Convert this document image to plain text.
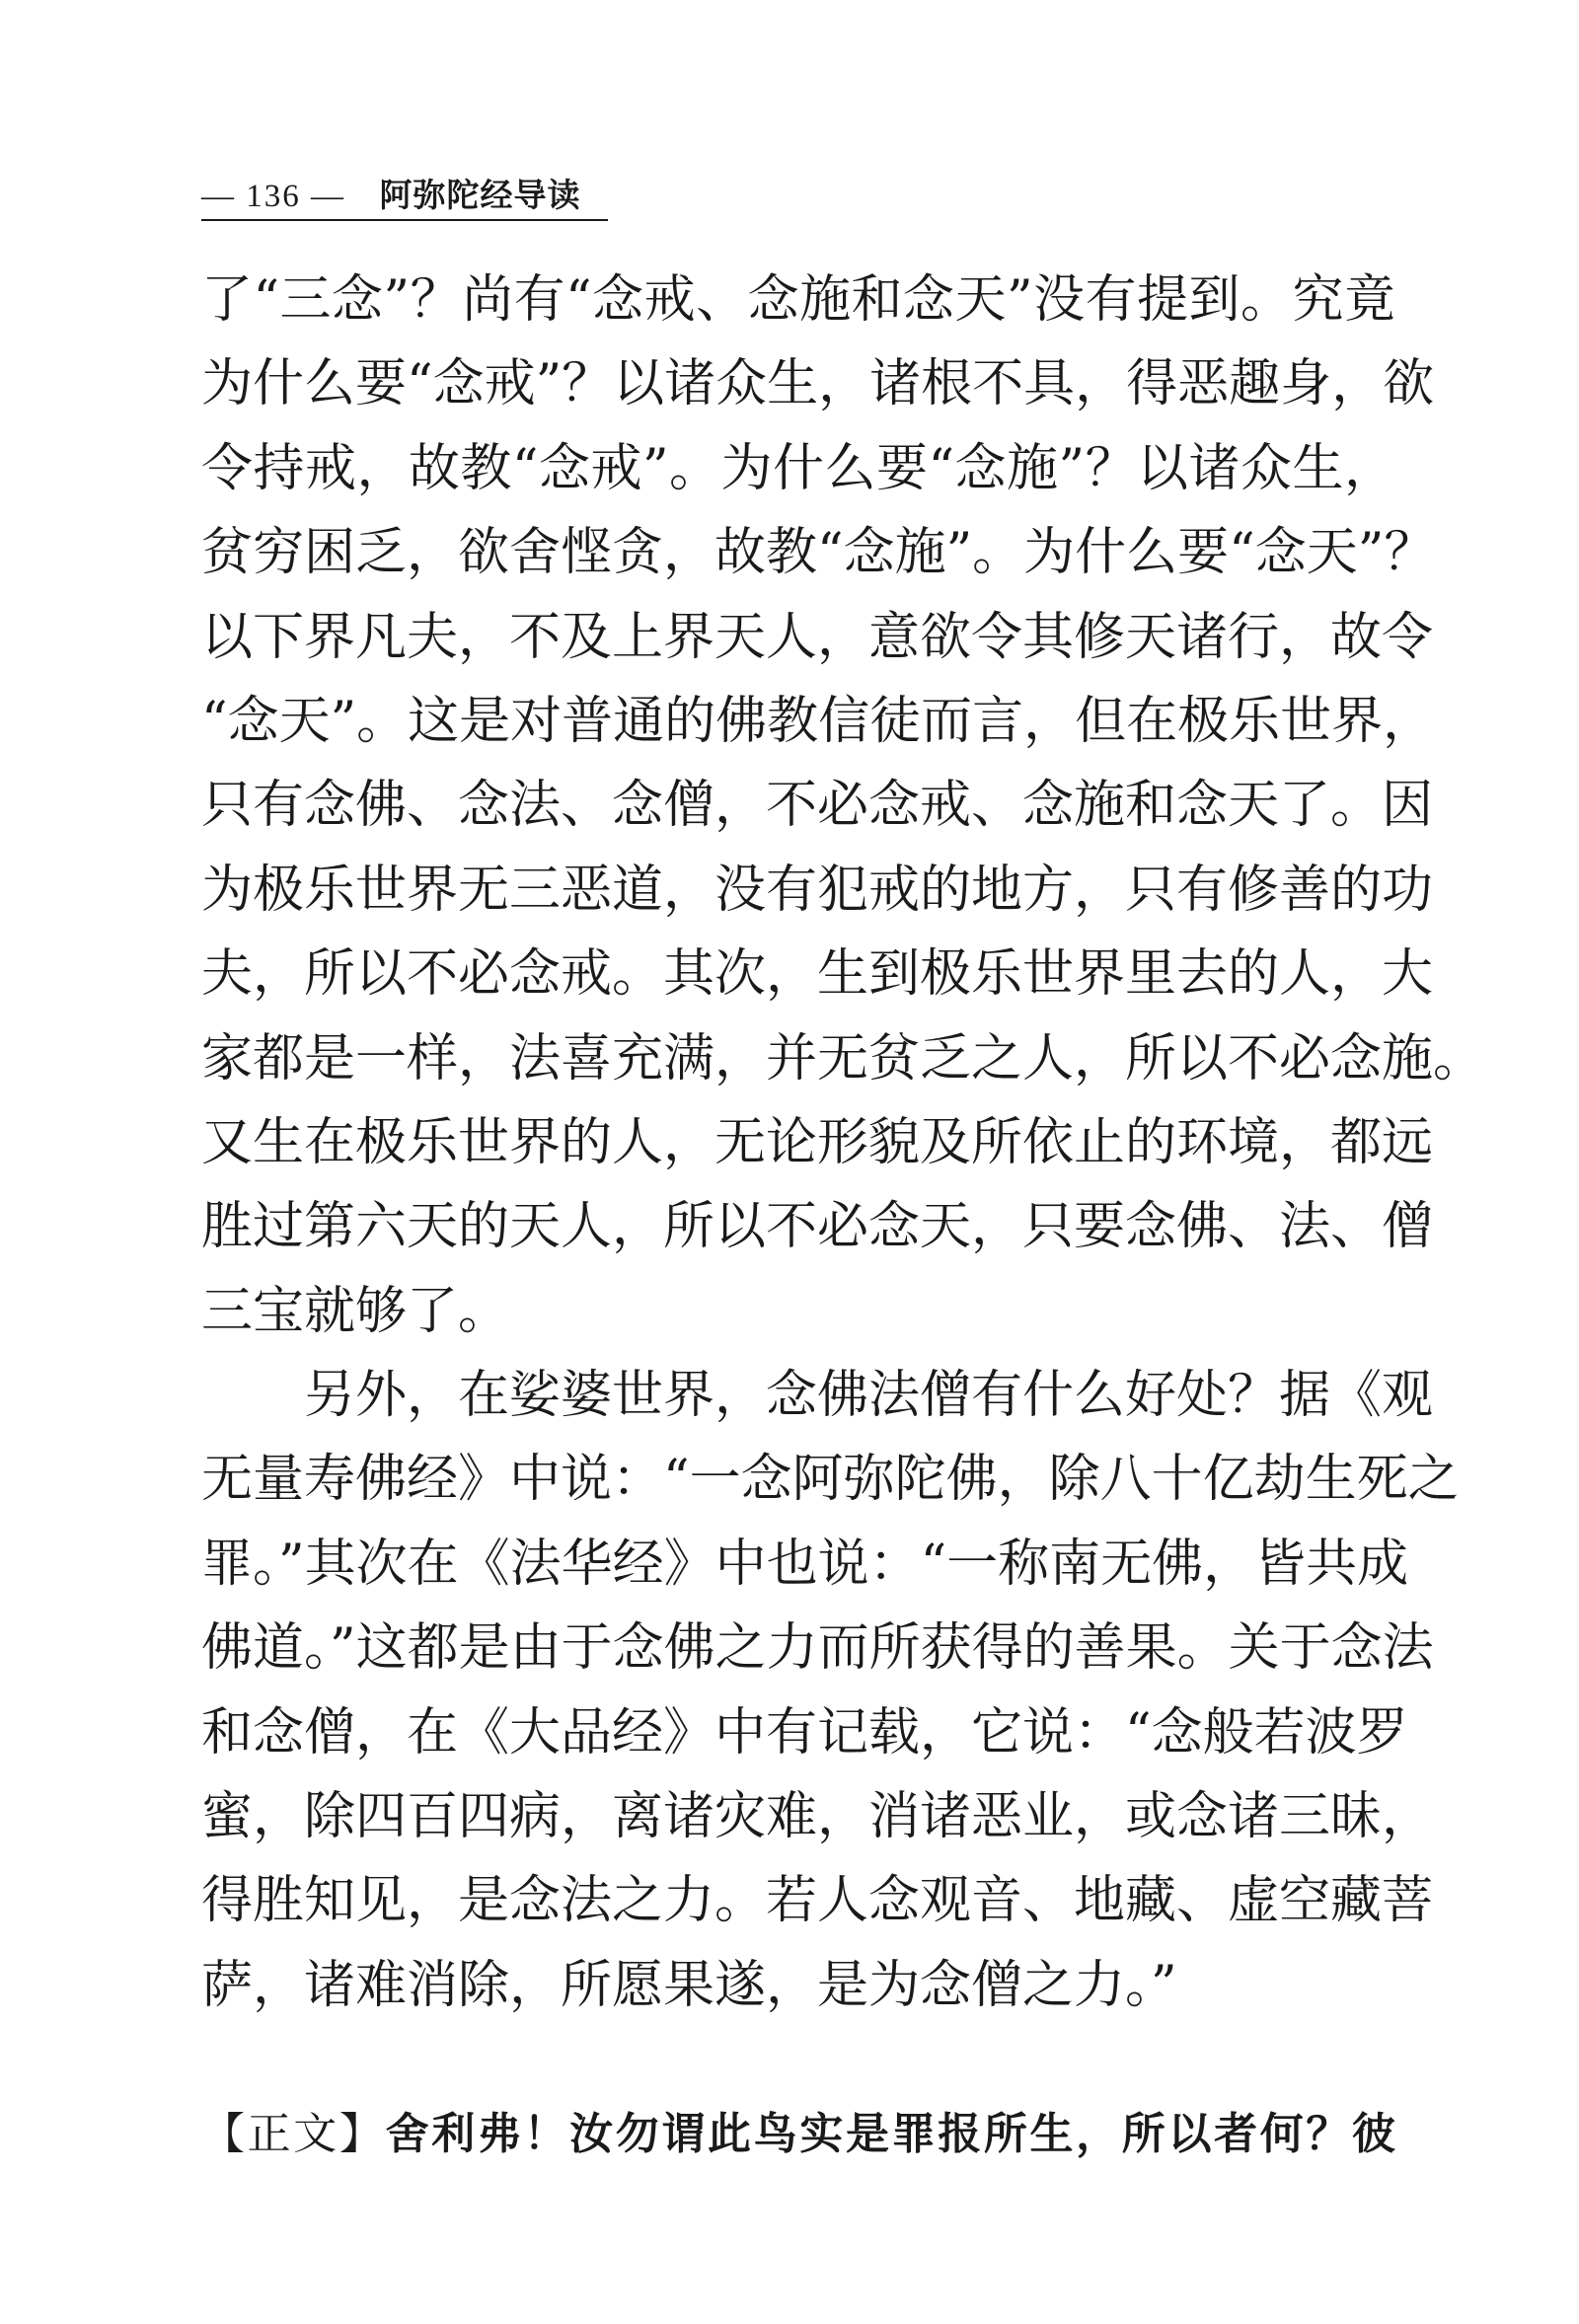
— 136 — 阿弥陀经导读
了“三念”？尚有“念戒、念施和念天”没有提到。究竟
为什么要“念戒”？以诸众生，诸根不具，得恶趣身，欲
令持戒，故教“念戒”。为什么要“念施”？以诸众生，
贫穷困乏，欲舍悭贪，故教“念施”。为什么要“念天”？
以下界凡夫，不及上界天人，意欲令其修天诸行，故令
“念天”。这是对普通的佛教信徒而言，但在极乐世界，
只有念佛、念法、念僧，不必念戒、念施和念天了。因
为极乐世界无三恶道，没有犯戒的地方，只有修善的功
夫，所以不必念戒。其次，生到极乐世界里去的人，大
家都是一样，法喜充满，并无贫乏之人，所以不必念施。
又生在极乐世界的人，无论形貌及所依止的环境，都远
胜过第六天的天人，所以不必念天，只要念佛、法、僧
三宝就够了。
　　另外，在娑婆世界，念佛法僧有什么好处？据《观
无量寿佛经》中说：“一念阿弥陀佛，除八十亿劫生死之
罪。”其次在《法华经》中也说：“一称南无佛，皆共成
佛道。”这都是由于念佛之力而所获得的善果。关于念法
和念僧，在《大品经》中有记载，它说：“念般若波罗
蜜，除四百四病，离诸灾难，消诸恶业，或念诸三昧，
得胜知见，是念法之力。若人念观音、地藏、虚空藏菩
萨，诸难消除，所愿果遂，是为念僧之力。”
【正文】舍利弗！汝勿谓此鸟实是罪报所生，所以者何？彼
